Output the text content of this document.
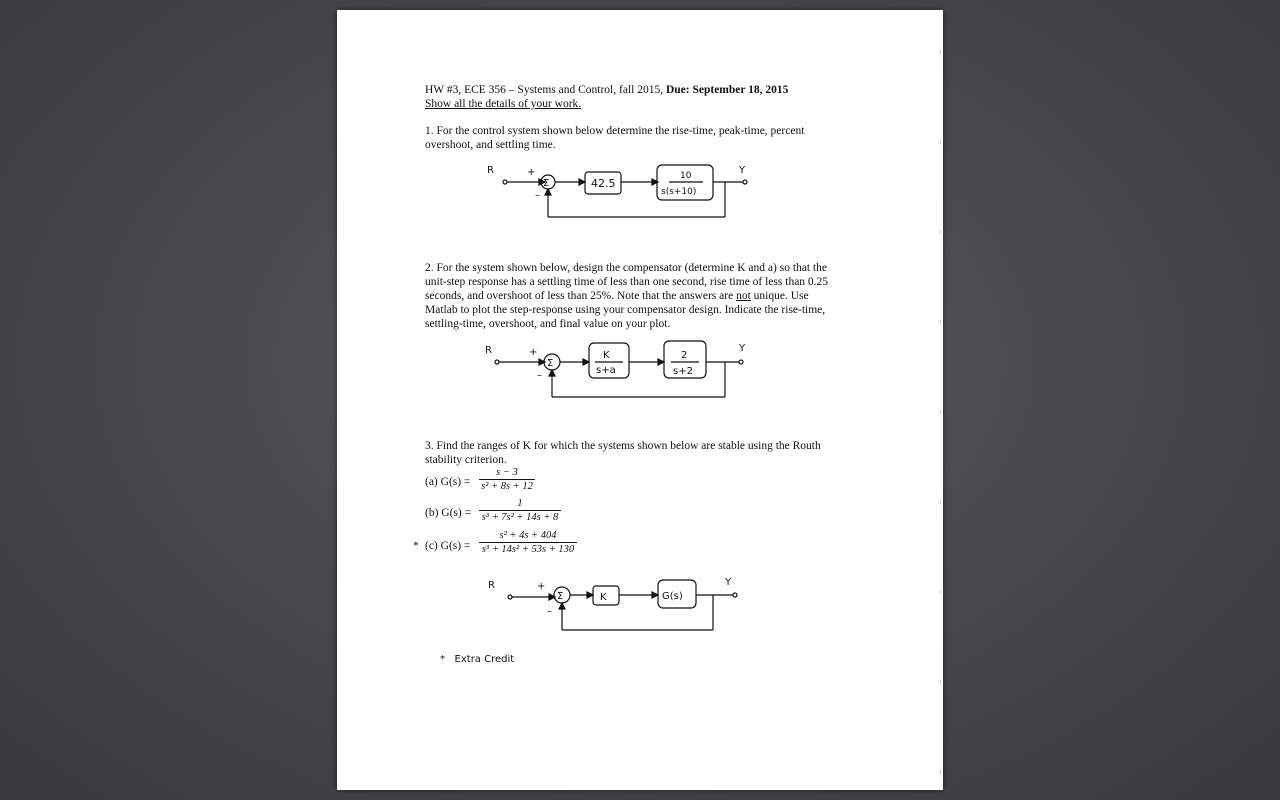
HW #3, ECE 356 – Systems and Control, fall 2015, Due: September 18, 2015
Show all the details of your work.
1. For the control system shown below determine the rise-time, peak-time, percent
overshoot, and settling time.
R	+
–
Σ	42.5
10
s(s+10)
Y
2. For the system shown below, design the compensator (determine K and a) so that the
unit-step response has a settling time of less than one second, rise time of less than 0.25
seconds, and overshoot of less than 25%. Note that the answers are not unique. Use
Matlab to plot the step-response using your compensator design. Indicate the rise-time,
settling-time, overshoot, and final value on your plot.
R	+
–
Σ
K
s+a
2
s+2
Y
3. Find the ranges of K for which the systems shown below are stable using the Routh
stability criterion.
(a) G(s) =
s − 3
s² + 8s + 12
(b) G(s) =
1
s³ + 7s² + 14s + 8
* (c) G(s) =
s² + 4s + 404
s³ + 14s² + 53s + 130
R	+
–
Σ	K	G(s)
Y
*   Extra Credit
